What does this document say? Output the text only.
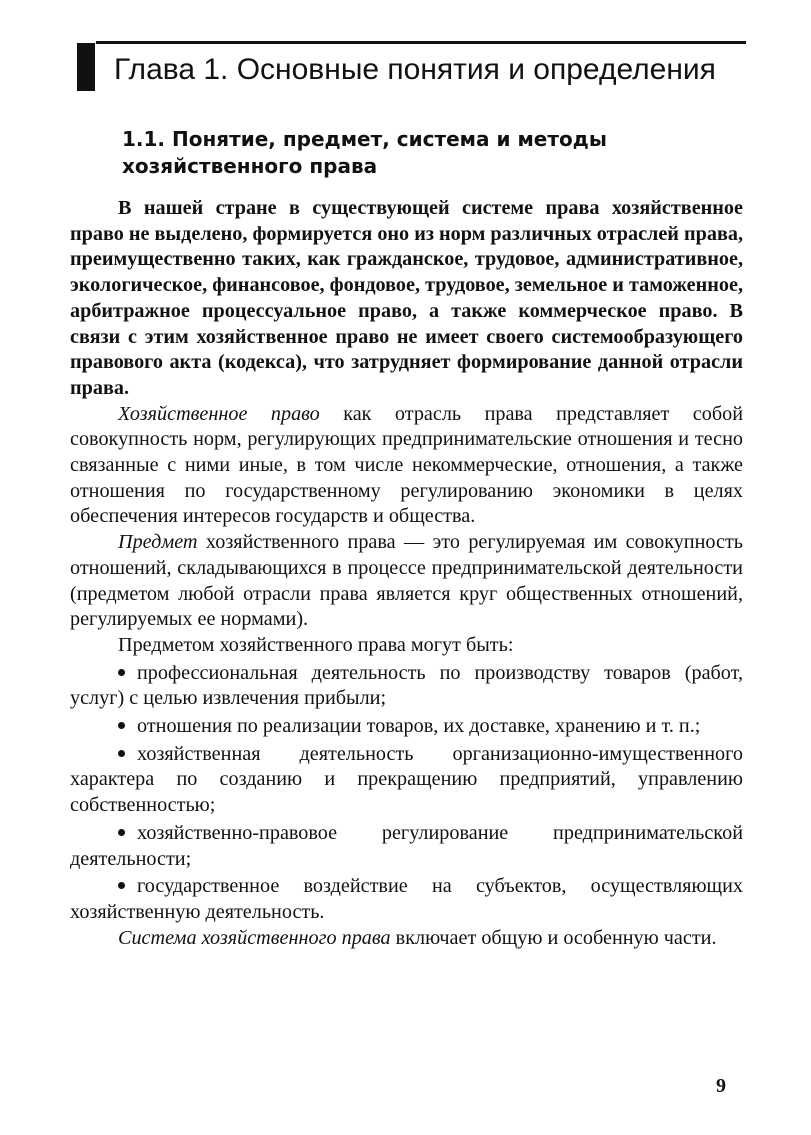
Глава 1. Основные понятия и определения
1.1. Понятие, предмет, система и методы хозяйственного права

В нашей стране в существующей системе права хозяйственное право не выделено, формируется оно из норм различных отраслей права, преимущественно таких, как гражданское, трудовое, административное, экологическое, финансовое, фондовое, трудовое, земельное и таможенное, арбитражное процессуальное право, а также коммерческое право. В связи с этим хозяйственное право не имеет своего системообразующего правового акта (кодекса), что затрудняет формирование данной отрасли права.

Хозяйственное право как отрасль права представляет собой совокупность норм, регулирующих предпринимательские отношения и тесно связанные с ними иные, в том числе некоммерческие, отношения, а также отношения по государственному регулированию экономики в целях обеспечения интересов государств и общества.

Предмет хозяйственного права — это регулируемая им совокупность отношений, складывающихся в процессе предпринимательской деятельности (предметом любой отрасли права является круг общественных отношений, регулируемых ее нормами).

Предметом хозяйственного права могут быть:

профессиональная деятельность по производству товаров (работ, услуг) с целью извлечения прибыли;

отношения по реализации товаров, их доставке, хранению и т. п.;

хозяйственная деятельность организационно-имущественного характера по созданию и прекращению предприятий, управлению собственностью;

хозяйственно-правовое регулирование предпринимательской деятельности;

государственное воздействие на субъектов, осуществляющих хозяйственную деятельность.

Система хозяйственного права включает общую и особенную части.

9
